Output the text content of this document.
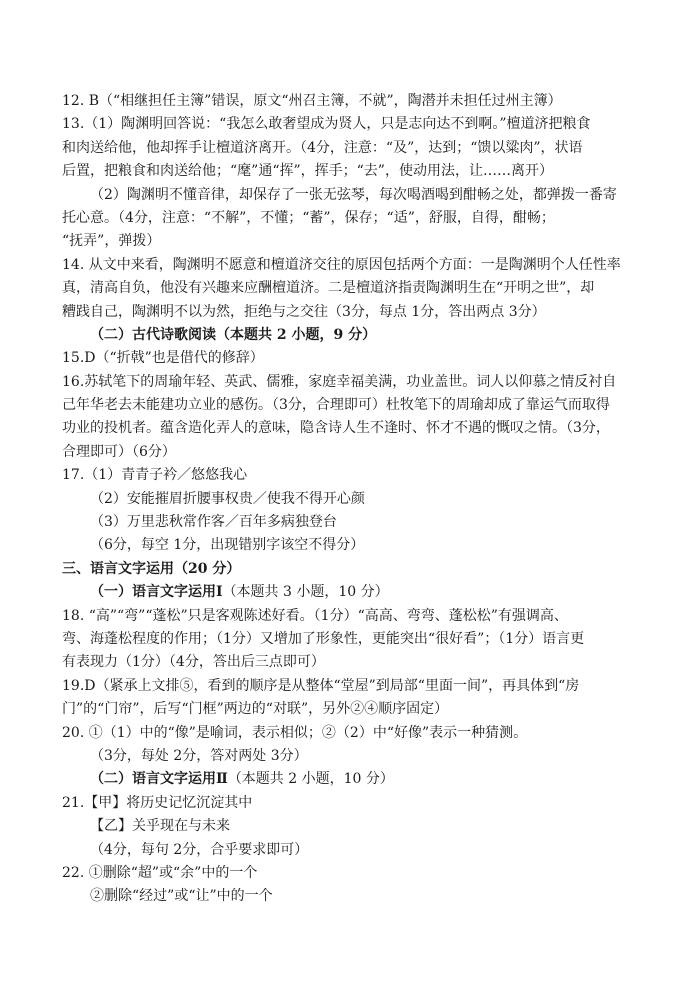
12. B（“相继担任主簿”错误，原文“州召主簿，不就”，陶潜并未担任过州主簿）
13.（1）陶渊明回答说：“我怎么敢奢望成为贤人，只是志向达不到啊。”檀道济把粮食
和肉送给他，他却挥手让檀道济离开。（4分，注意：“及”，达到；“馈以粱肉”，状语
后置，把粮食和肉送给他；“麾”通“挥”，挥手；“去”，使动用法，让……离开）
（2）陶渊明不懂音律，却保存了一张无弦琴，每次喝酒喝到酣畅之处，都弹拨一番寄
托心意。（4分，注意：“不解”，不懂；“蓄”，保存；“适”，舒服，自得，酣畅；
“抚弄”，弹拨）
14. 从文中来看，陶渊明不愿意和檀道济交往的原因包括两个方面：一是陶渊明个人任性率
真，清高自负，他没有兴趣来应酬檀道济。二是檀道济指责陶渊明生在“开明之世”，却
糟践自己，陶渊明不以为然，拒绝与之交往（3分，每点 1分，答出两点 3分）
（二）古代诗歌阅读（本题共 2 小题，9 分）
15.D（“折戟”也是借代的修辞）
16.苏轼笔下的周瑜年轻、英武、儒雅，家庭幸福美满，功业盖世。词人以仰慕之情反衬自
己年华老去未能建功立业的感伤。（3分，合理即可）杜牧笔下的周瑜却成了靠运气而取得
功业的投机者。蕴含造化弄人的意味，隐含诗人生不逢时、怀才不遇的慨叹之情。（3分，
合理即可）（6分）
17.（1）青青子衿／悠悠我心
（2）安能摧眉折腰事权贵／使我不得开心颜
（3）万里悲秋常作客／百年多病独登台
（6分，每空 1分，出现错别字该空不得分）
三、语言文字运用（20 分）
（一）语言文字运用Ⅰ（本题共 3 小题，10 分）
18. “高”“弯”“蓬松”只是客观陈述好看。（1分）“高高、弯弯、蓬松松”有强调高、
弯、海蓬松程度的作用；（1分）又增加了形象性，更能突出“很好看”；（1分）语言更
有表现力（1分）（4分，答出后三点即可）
19.D（紧承上文排⑤，看到的顺序是从整体“堂屋”到局部“里面一间”，再具体到“房
门”的“门帘”，后写“门框”两边的“对联”，另外②④顺序固定）
20. ①（1）中的“像”是喻词，表示相似；②（2）中“好像”表示一种猜测。
（3分，每处 2分，答对两处 3分）
（二）语言文字运用Ⅱ（本题共 2 小题，10 分）
21.【甲】将历史记忆沉淀其中
【乙】关乎现在与未来
（4分，每句 2分，合乎要求即可）
22. ①删除“超”或“余”中的一个
②删除“经过”或“让”中的一个
